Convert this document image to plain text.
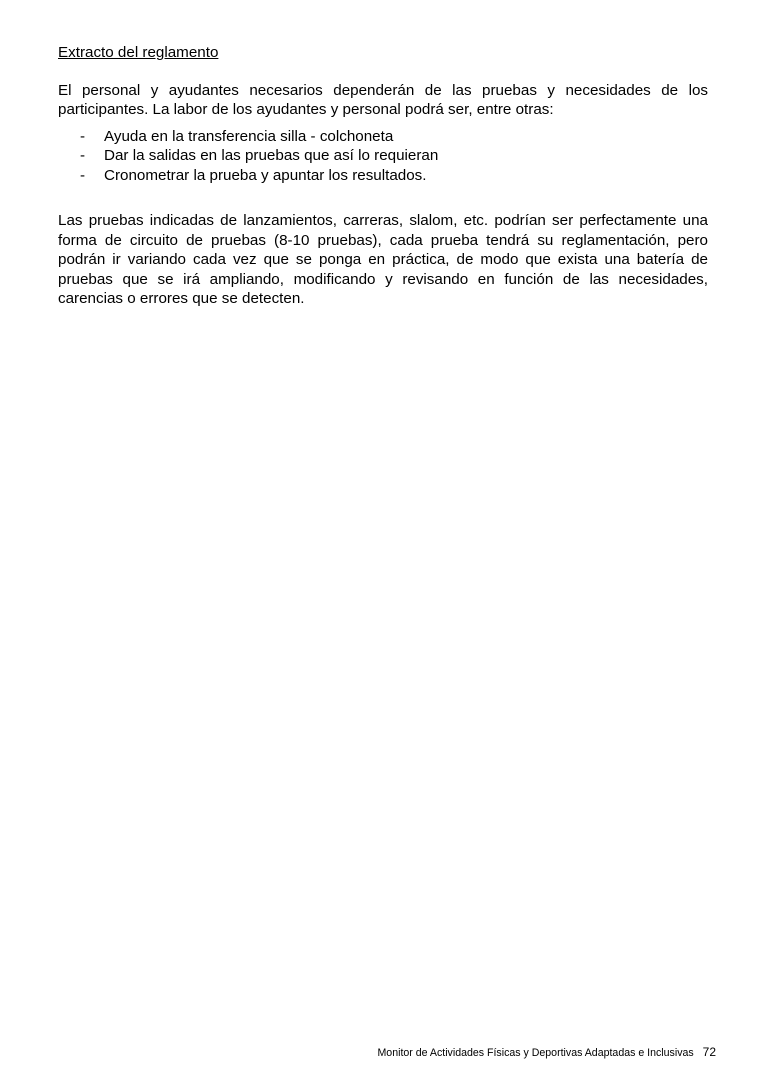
Extracto del reglamento

El personal y ayudantes necesarios dependerán de las pruebas y necesidades de los participantes. La labor de los ayudantes y personal podrá ser, entre otras:

- Ayuda en la transferencia silla - colchoneta
- Dar la salidas en las pruebas que así lo requieran
- Cronometrar la prueba y apuntar los resultados.

Las pruebas indicadas de lanzamientos, carreras, slalom, etc. podrían ser perfectamente una forma de circuito de pruebas (8-10 pruebas), cada prueba tendrá su reglamentación, pero podrán ir variando cada vez que se ponga en práctica, de modo que exista una batería de pruebas que se irá ampliando, modificando y revisando en función de las necesidades, carencias o errores que se detecten.

Monitor de Actividades Físicas y Deportivas Adaptadas e Inclusivas 72
